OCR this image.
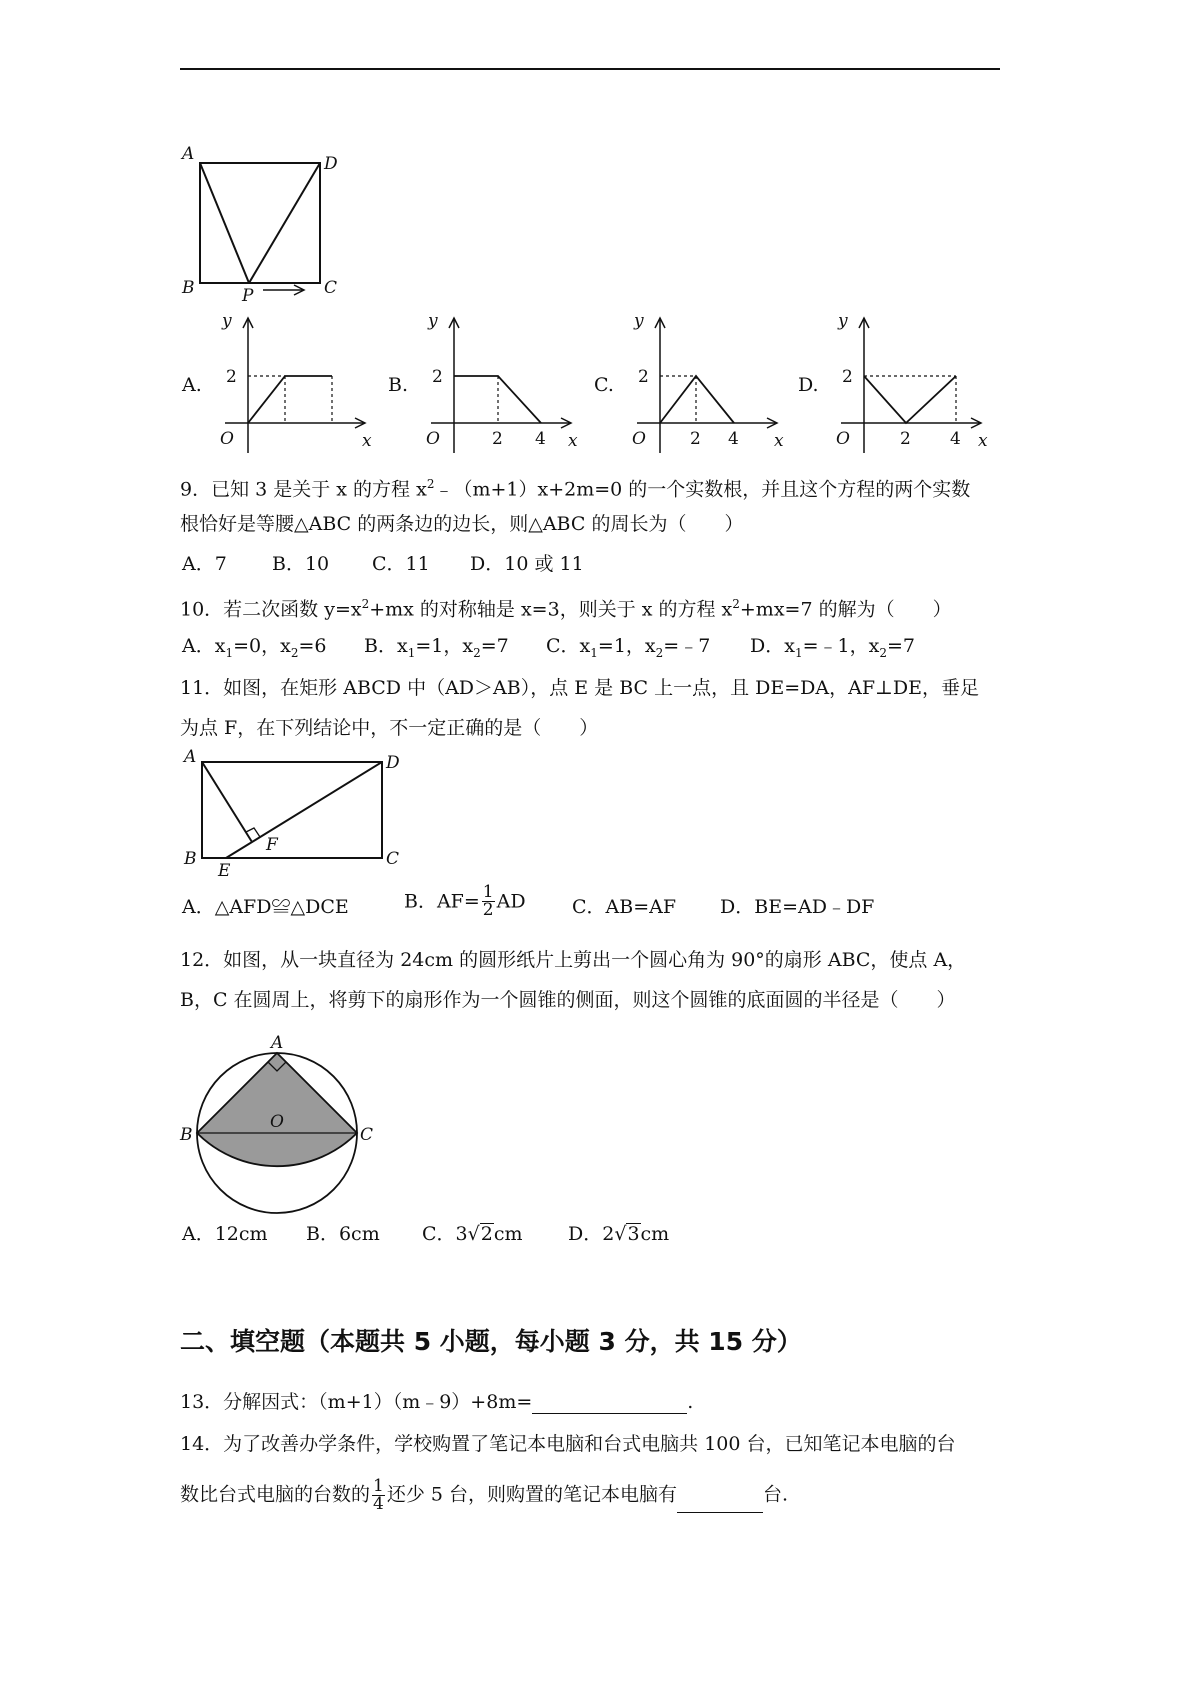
A	D
B	P	C
A.
y
x
O
2	B.
y
x
O
2
2 4
C.
y
x
O
2
2 4
D.
y
x
O
2
2 4
9．已知 3 是关于 x 的方程 $x^2﹣(m+1)x+2m=0$ 的一个实数根，并且这个方程的两个实数
根恰好是等腰△ABC 的两条边的边长，则△ABC 的周长为（　　）
A．7 B．10 C．11 D．10 或 11
10．若二次函数 $y=x^2+mx$ 的对称轴是 x=3，则关于 x 的方程 $x^2+mx=7$ 的解为（　　）
A．$x_1=0$，$x_2=6$ B．$x_1=1$，$x_2=7$ C．$x_1=1$，$x_2=﹣7$ D．$x_1=﹣1$，$x_2=7$
11．如图，在矩形 ABCD 中（AD＞AB），点 E 是 BC 上一点，且 DE=DA，AF⊥DE，垂足
为点 F，在下列结论中，不一定正确的是（　　）
A	D
F
B
E
C
A．△AFD≌△DCE	B．$AF= \frac{1}{2}$ AD C．AB=AF D．BE=AD﹣DF
12．如图，从一块直径为 24cm 的圆形纸片上剪出一个圆心角为 90°的扇形 ABC，使点 A，
B，C 在圆周上，将剪下的扇形作为一个圆锥的侧面，则这个圆锥的底面圆的半径是（　　）
A
O
B	C
A．12cm B．6cm C．3√2cm D．2√3cm
二、填空题（本题共 5 小题，每小题 3 分，共 15 分）
13．分解因式：（m+1）（m﹣9）+8m=	.
14．为了改善办学条件，学校购置了笔记本电脑和台式电脑共 100 台，已知笔记本电脑的台
数比台式电脑的台数的 $\frac{1}{4}$ 还少 5 台，则购置的笔记本电脑有	台.
